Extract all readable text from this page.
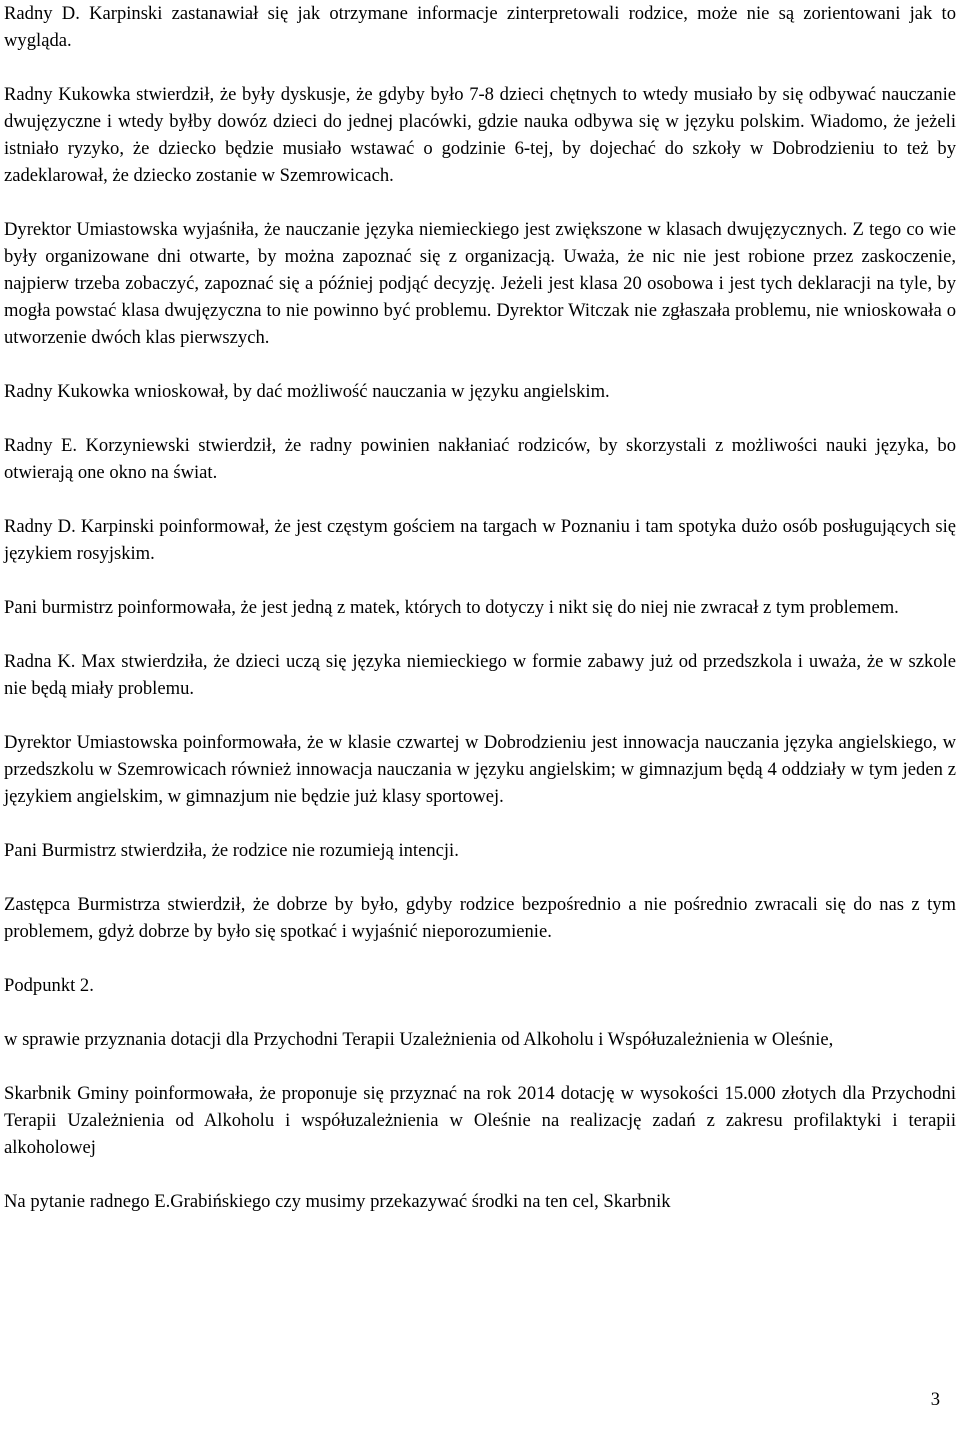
Radny D. Karpinski zastanawiał się jak otrzymane informacje zinterpretowali rodzice, może nie są zorientowani jak to wygląda.

Radny Kukowka stwierdził, że były dyskusje, że gdyby było 7-8 dzieci chętnych to wtedy musiało by się odbywać nauczanie dwujęzyczne i wtedy byłby dowóz dzieci do jednej placówki, gdzie nauka odbywa się w języku polskim. Wiadomo, że jeżeli istniało ryzyko, że dziecko będzie musiało wstawać o godzinie 6-tej, by dojechać do szkoły w Dobrodzieniu to też by zadeklarował, że dziecko zostanie w Szemrowicach.

Dyrektor Umiastowska wyjaśniła, że nauczanie języka niemieckiego jest zwiększone w klasach dwujęzycznych. Z tego co wie były organizowane dni otwarte, by można zapoznać się z organizacją. Uważa, że nic nie jest robione przez zaskoczenie, najpierw trzeba zobaczyć, zapoznać się a później podjąć decyzję. Jeżeli jest klasa 20 osobowa i jest tych deklaracji na tyle, by mogła powstać klasa dwujęzyczna to nie powinno być problemu. Dyrektor Witczak nie zgłaszała problemu, nie wnioskowała o utworzenie dwóch klas pierwszych.

Radny Kukowka wnioskował, by dać możliwość nauczania w języku angielskim.

Radny E. Korzyniewski stwierdził, że radny powinien nakłaniać rodziców, by skorzystali z możliwości nauki języka, bo otwierają one okno na świat.

Radny D. Karpinski poinformował, że jest częstym gościem na targach w Poznaniu i tam spotyka dużo osób posługujących się językiem rosyjskim.

Pani burmistrz poinformowała, że jest jedną z matek, których to dotyczy i nikt się do niej nie zwracał z tym problemem.

Radna K. Max stwierdziła, że dzieci uczą się języka niemieckiego w formie zabawy już od przedszkola i uważa, że w szkole nie będą miały problemu.

Dyrektor Umiastowska poinformowała, że w klasie czwartej w Dobrodzieniu jest innowacja nauczania języka angielskiego, w przedszkolu w Szemrowicach również innowacja nauczania w języku angielskim; w gimnazjum będą 4 oddziały w tym jeden z językiem angielskim, w gimnazjum nie będzie już klasy sportowej.

Pani Burmistrz stwierdziła, że rodzice nie rozumieją intencji.

Zastępca Burmistrza stwierdził, że dobrze by było, gdyby rodzice bezpośrednio a nie pośrednio zwracali się do nas z tym problemem, gdyż dobrze by było się spotkać i wyjaśnić nieporozumienie.

Podpunkt 2.

w sprawie przyznania dotacji dla Przychodni Terapii Uzależnienia od Alkoholu i Współuzależnienia w Oleśnie,

Skarbnik Gminy poinformowała, że proponuje się przyznać na rok 2014 dotację w wysokości 15.000 złotych dla Przychodni Terapii Uzależnienia od Alkoholu i współuzależnienia w Oleśnie na realizację zadań z zakresu profilaktyki i terapii alkoholowej

Na pytanie radnego E.Grabińskiego czy musimy przekazywać środki na ten cel, Skarbnik

3
